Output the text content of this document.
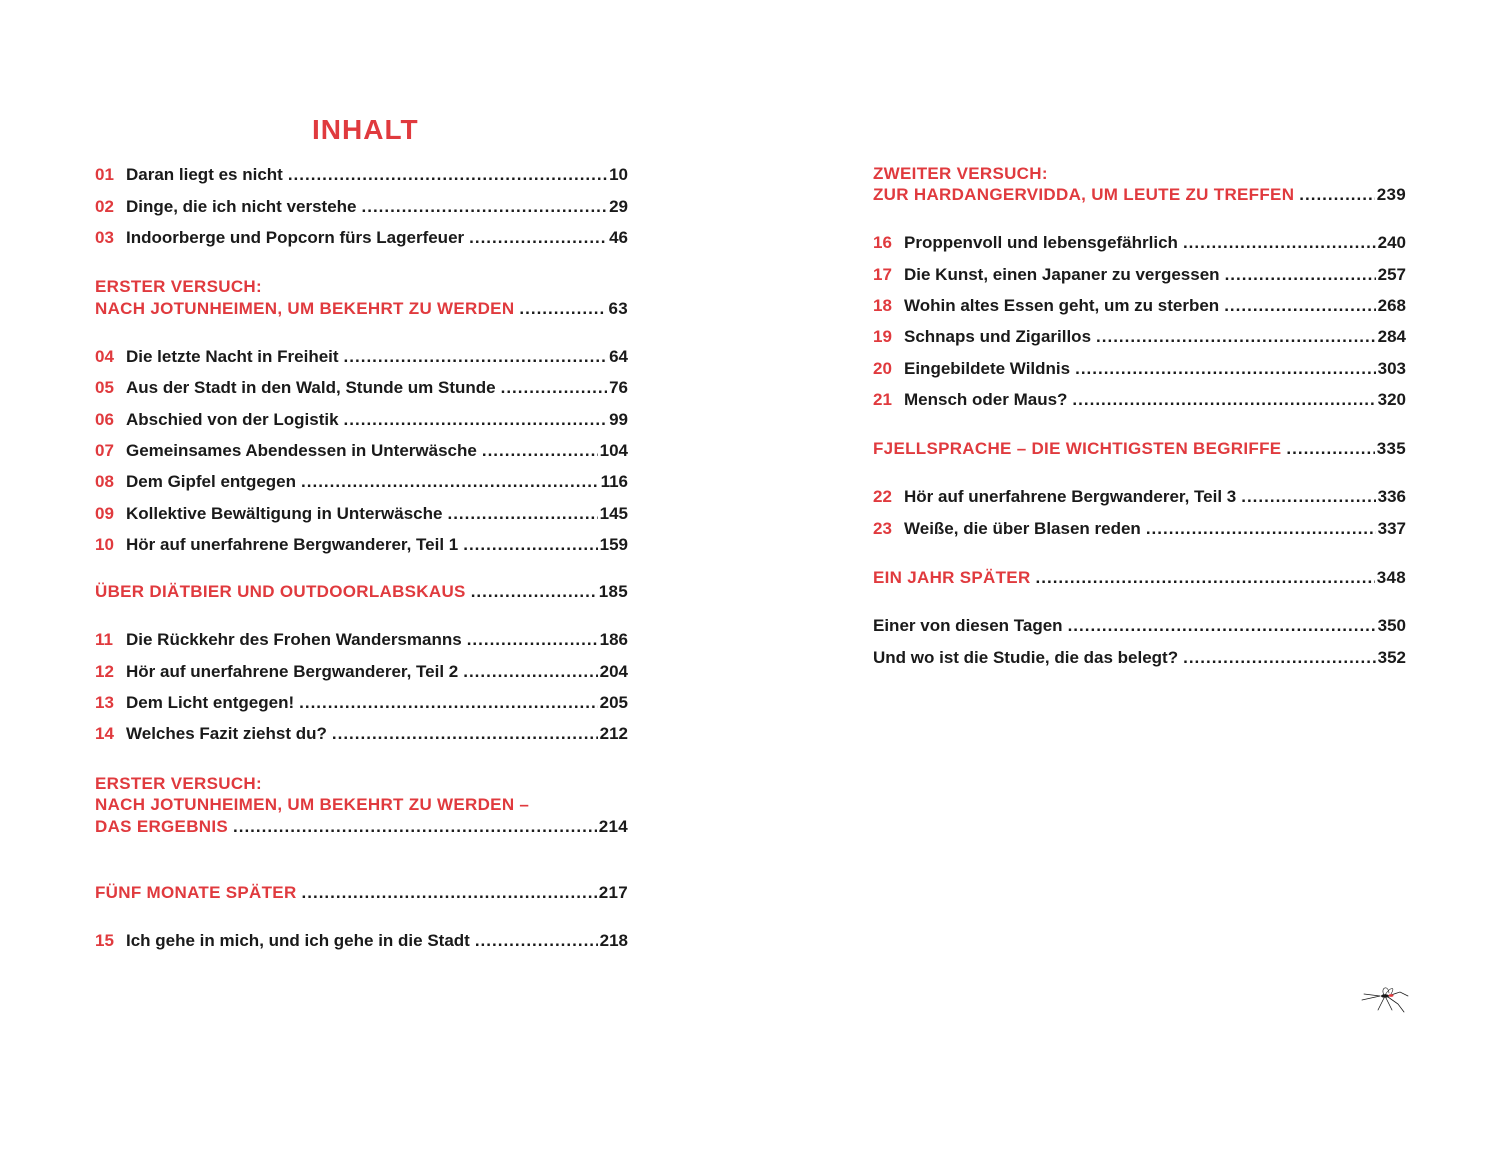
INHALT
01 Daran liegt es nicht .....	10
02 Dinge, die ich nicht verstehe .....	29
03 Indoorberge und Popcorn fürs Lagerfeuer .....	46
ERSTER VERSUCH:
NACH JOTUNHEIMEN, UM BEKEHRT ZU WERDEN .....	63
04 Die letzte Nacht in Freiheit .....	64
05 Aus der Stadt in den Wald, Stunde um Stunde .....	76
06 Abschied von der Logistik .....	99
07 Gemeinsames Abendessen in Unterwäsche .....	104
08 Dem Gipfel entgegen .....	116
09 Kollektive Bewältigung in Unterwäsche .....	145
10 Hör auf unerfahrene Bergwanderer, Teil 1 .....	159
ÜBER DIÄTBIER UND OUTDOORLABSKAUS .....	185
11 Die Rückkehr des Frohen Wandersmanns .....	186
12 Hör auf unerfahrene Bergwanderer, Teil 2 .....	204
13 Dem Licht entgegen! .....	205
14 Welches Fazit ziehst du? .....	212
ERSTER VERSUCH:
NACH JOTUNHEIMEN, UM BEKEHRT ZU WERDEN –
DAS ERGEBNIS .....	214
FÜNF MONATE SPÄTER .....	217
15 Ich gehe in mich, und ich gehe in die Stadt .....	218
ZWEITER VERSUCH:
ZUR HARDANGERVIDDA, UM LEUTE ZU TREFFEN .....	239
16 Proppenvoll und lebensgefährlich .....	240
17 Die Kunst, einen Japaner zu vergessen .....	257
18 Wohin altes Essen geht, um zu sterben .....	268
19 Schnaps und Zigarillos .....	284
20 Eingebildete Wildnis .....	303
21 Mensch oder Maus? .....	320
FJELLSPRACHE – DIE WICHTIGSTEN BEGRIFFE .....	335
22 Hör auf unerfahrene Bergwanderer, Teil 3 .....	336
23 Weiße, die über Blasen reden .....	337
EIN JAHR SPÄTER .....	348
Einer von diesen Tagen .....	350
Und wo ist die Studie, die das belegt? .....	352
